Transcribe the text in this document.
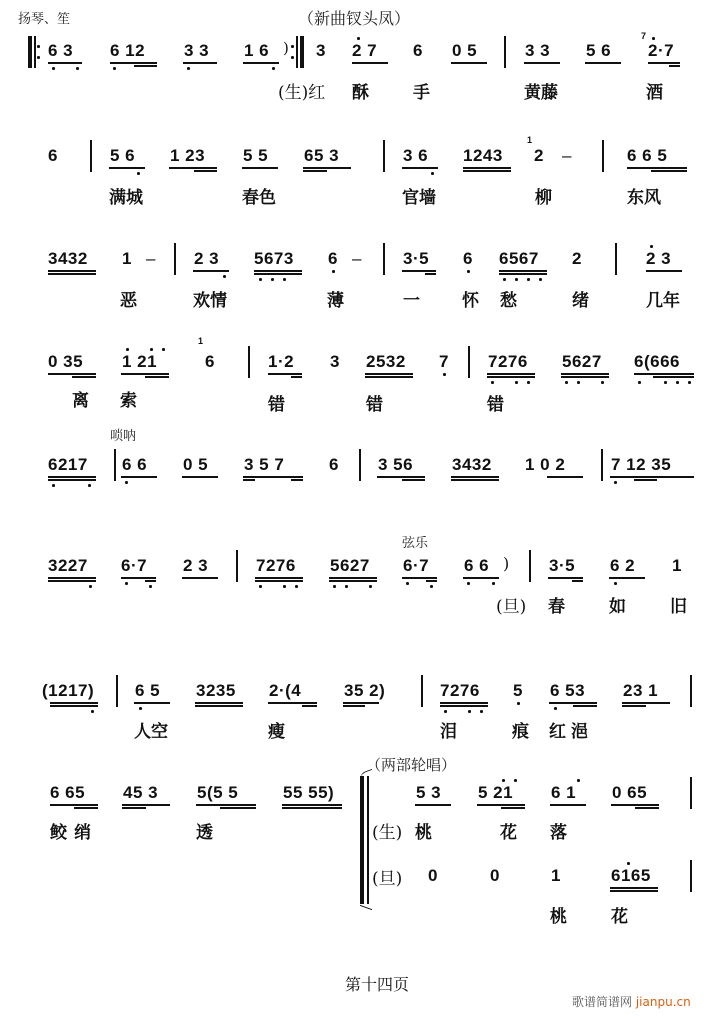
扬琴、笙	（新曲钗头凤）
6 3 6 12 3 3 1 6 ) 3 2 7 6 0 5	3 3 5 6
7
2·7
(生)红 酥	手	黄藤	酒
6	5 6 1 23 5 5 65 3	3 6 1243
1
2 –	6 6 5
满城	春色	官墙	柳	东风
3432 1 – 2 3 5673 6 – 3·5 6 6567 2	2 3
恶	欢情	薄	一 怀 愁	绪	几年
0 35 1 21
1
6	1·2 3 2532 7 7276 5627 6(666
离 索	错	错	错
唢呐
6217 6 6 0 5 3 5 7	6 3 56 3432 1 0 2	7 12 35
弦乐
3227 6·7 2 3	7276 5627 6·7 6 6 ) 3·5 6 2 1
(旦) 春	如	旧
(1217) 6 5 3235 2·(4	35 2)	7276 5 6 53 23 1
人空	瘦	泪	痕 红 浥
6 65 45 3 5(5 5	55 55)
鲛 绡	透
（两部轮唱）
5 3 5 21 6 1 0 65
(生) 桃	花 落
(旦) 0	0	1	6165
桃	花
第十四页
歌谱简谱网 jianpu.cn
